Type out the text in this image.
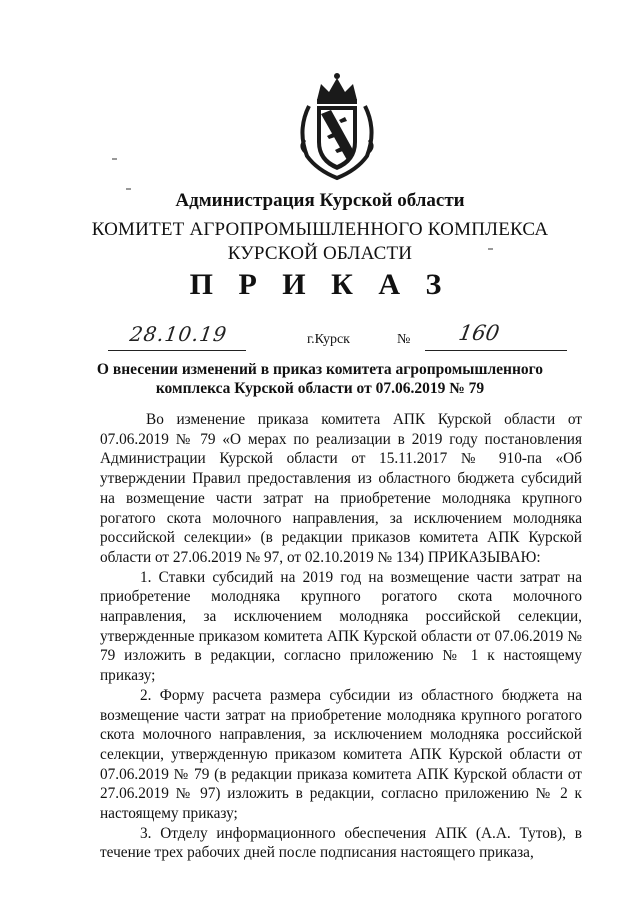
Администрация Курской области
КОМИТЕТ АГРОПРОМЫШЛЕННОГО КОМПЛЕКСА
КУРСКОЙ ОБЛАСТИ
П Р И К А З
28.10.19	г.Курск	№ 160
О внесении изменений в приказ комитета агропромышленного
комплекса Курской области от 07.06.2019 № 79

Во изменение приказа комитета АПК Курской области от 07.06.2019 № 79 «О мерах по реализации в 2019 году постановления Администрации Курской области от 15.11.2017 № 910-па «Об утверждении Правил предоставления из областного бюджета субсидий на возмещение части затрат на приобретение молодняка крупного рогатого скота молочного направления, за исключением молодняка российской селекции» (в редакции приказов комитета АПК Курской области от 27.06.2019 № 97, от 02.10.2019 № 134) ПРИКАЗЫВАЮ:

1. Ставки субсидий на 2019 год на возмещение части затрат на приобретение молодняка крупного рогатого скота молочного направления, за исключением молодняка российской селекции, утвержденные приказом комитета АПК Курской области от 07.06.2019 № 79 изложить в редакции, согласно приложению № 1 к настоящему приказу;

2. Форму расчета размера субсидии из областного бюджета на возмещение части затрат на приобретение молодняка крупного рогатого скота молочного направления, за исключением молодняка российской селекции, утвержденную приказом комитета АПК Курской области от 07.06.2019 № 79 (в редакции приказа комитета АПК Курской области от 27.06.2019 № 97) изложить в редакции, согласно приложению № 2 к настоящему приказу;

3. Отделу информационного обеспечения АПК (А.А. Тутов), в течение трех рабочих дней после подписания настоящего приказа,
